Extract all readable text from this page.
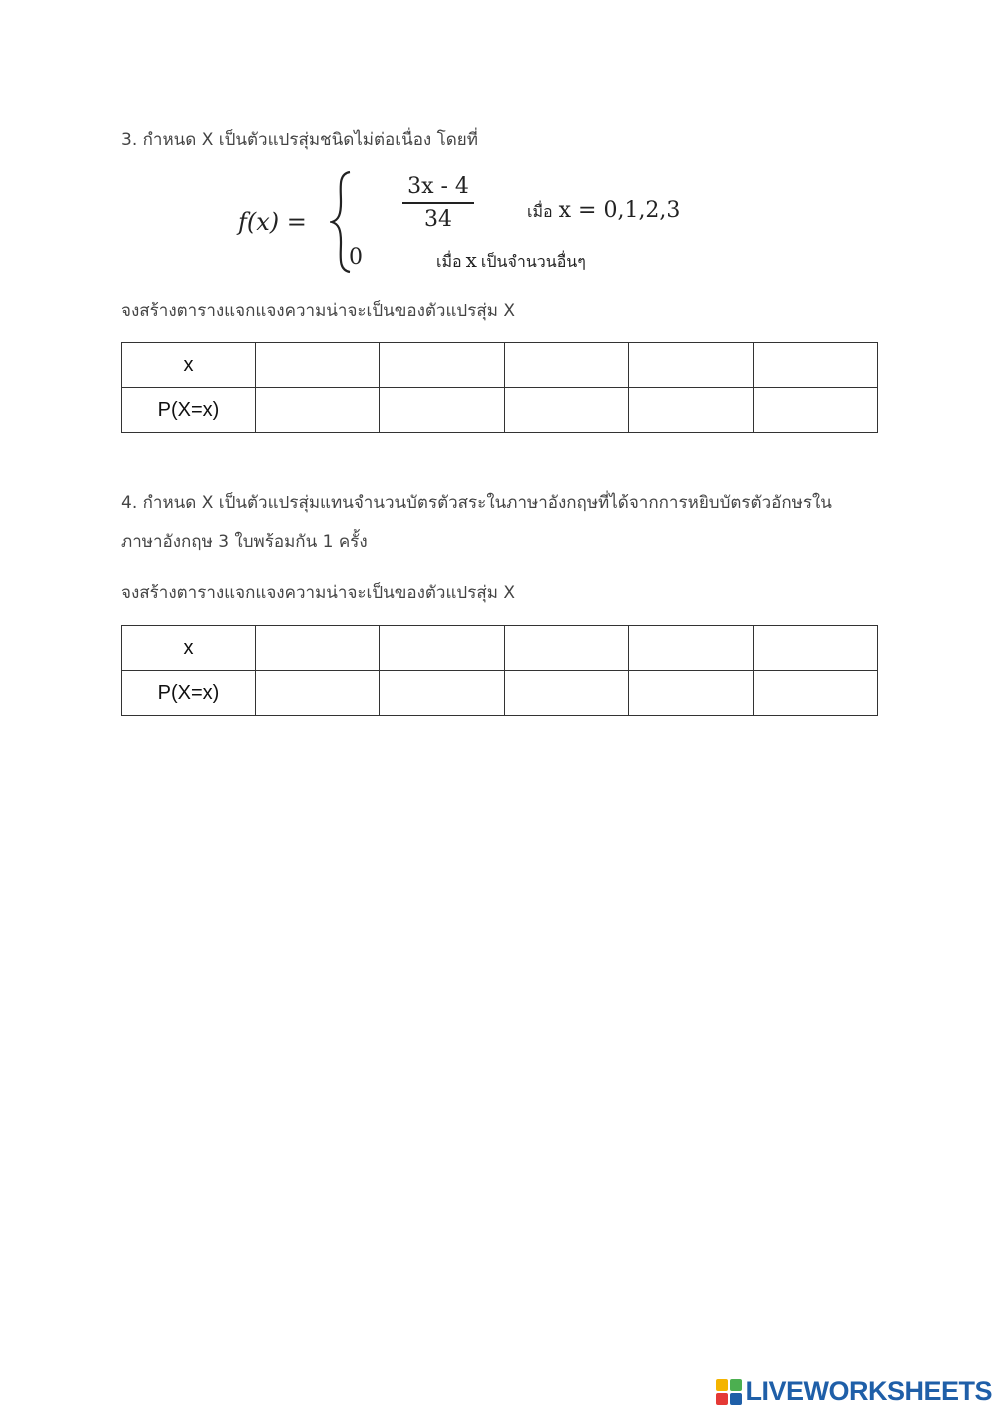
3. กำหนด X เป็นตัวแปรสุ่มชนิดไม่ต่อเนื่อง โดยที่
f(x) =
3x - 4
34	เมื่อ x = 0,1,2,3
0	เมื่อ x เป็นจำนวนอื่นๆ
จงสร้างตารางแจกแจงความน่าจะเป็นของตัวแปรสุ่ม X
x					
P(X=x)					
4. กำหนด X เป็นตัวแปรสุ่มแทนจำนวนบัตรตัวสระในภาษาอังกฤษที่ได้จากการหยิบบัตรตัวอักษรใน
ภาษาอังกฤษ 3 ใบพร้อมกัน 1 ครั้ง
จงสร้างตารางแจกแจงความน่าจะเป็นของตัวแปรสุ่ม X
x					
P(X=x)					
LIVEWORKSHEETS
